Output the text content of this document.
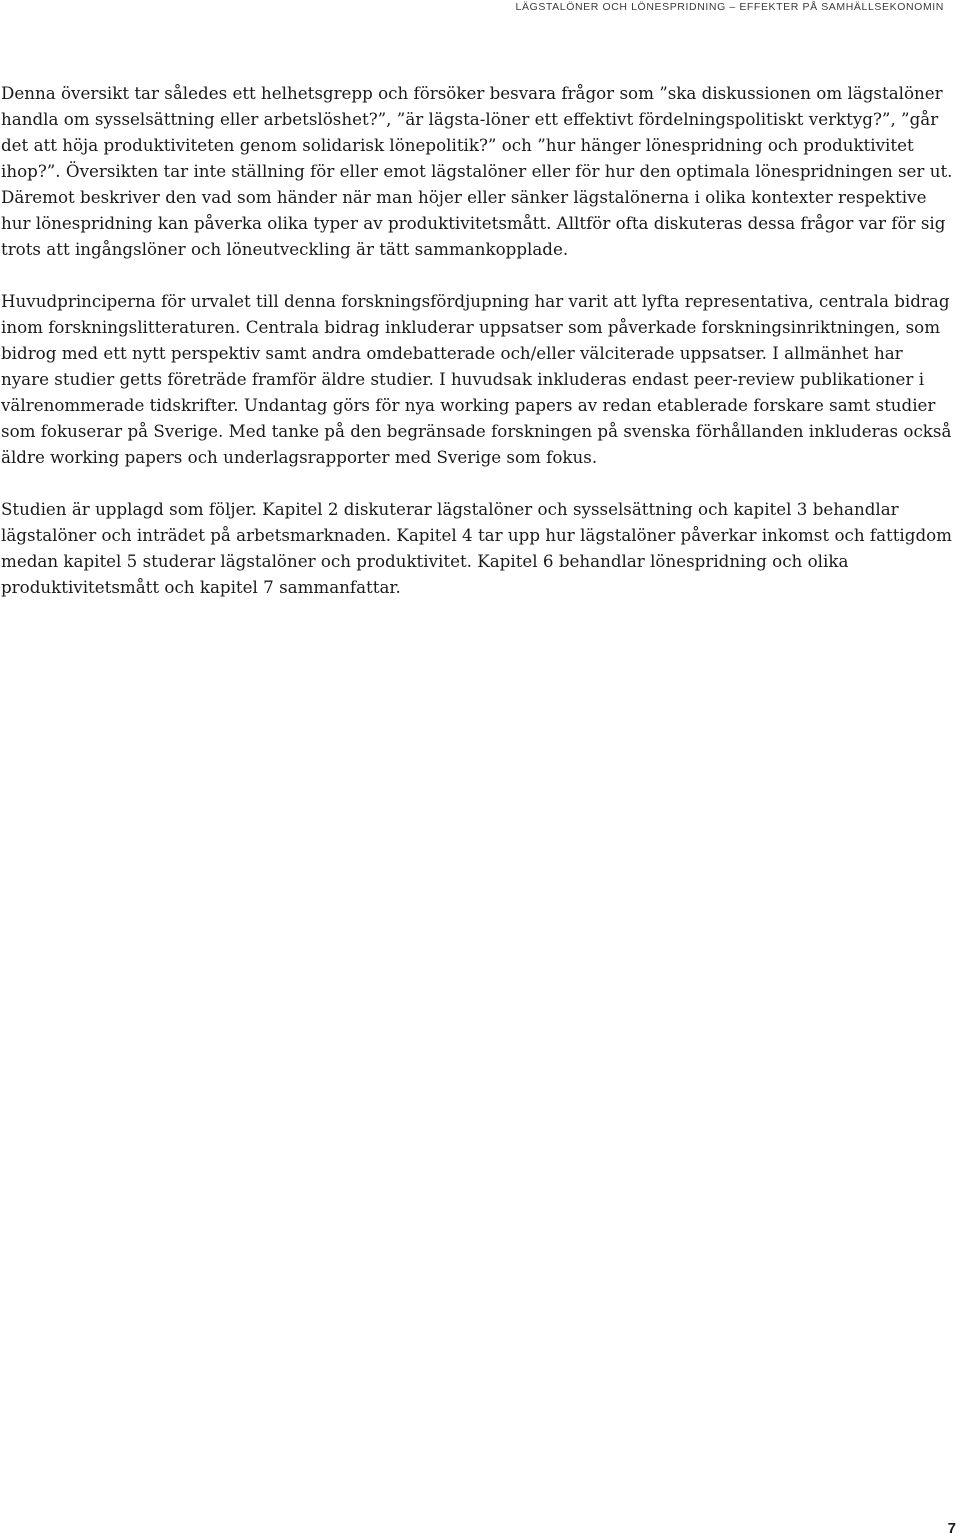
LÄGSTALÖNER OCH LÖNESPRIDNING – EFFEKTER PÅ SAMHÄLLSEKONOMIN

Denna översikt tar således ett helhetsgrepp och försöker besvara frågor som ”ska diskussionen om lägstalöner handla om sysselsättning eller arbetslöshet?”, ”är lägsta-löner ett effektivt fördelningspolitiskt verktyg?”, ”går det att höja produktiviteten genom solidarisk lönepolitik?” och ”hur hänger lönespridning och produktivitet ihop?”. Översikten tar inte ställning för eller emot lägstalöner eller för hur den optimala lönespridningen ser ut. Däremot beskriver den vad som händer när man höjer eller sänker lägstalönerna i olika kontexter respektive hur lönespridning kan påverka olika typer av produktivitetsmått. Alltför ofta diskuteras dessa frågor var för sig trots att ingångslöner och löneutveckling är tätt sammankopplade.

Huvudprinciperna för urvalet till denna forskningsfördjupning har varit att lyfta representativa, centrala bidrag inom forskningslitteraturen. Centrala bidrag inkluderar uppsatser som påverkade forskningsinriktningen, som bidrog med ett nytt perspektiv samt andra omdebatterade och/eller välciterade uppsatser. I allmänhet har nyare studier getts företräde framför äldre studier. I huvudsak inkluderas endast peer-review publikationer i välrenommerade tidskrifter. Undantag görs för nya working papers av redan etablerade forskare samt studier som fokuserar på Sverige. Med tanke på den begränsade forskningen på svenska förhållanden inkluderas också äldre working papers och underlagsrapporter med Sverige som fokus.

Studien är upplagd som följer. Kapitel 2 diskuterar lägstalöner och sysselsättning och kapitel 3 behandlar lägstalöner och inträdet på arbetsmarknaden. Kapitel 4 tar upp hur lägstalöner påverkar inkomst och fattigdom medan kapitel 5 studerar lägstalöner och produktivitet. Kapitel 6 behandlar lönespridning och olika produktivitetsmått och kapitel 7 sammanfattar.

7
